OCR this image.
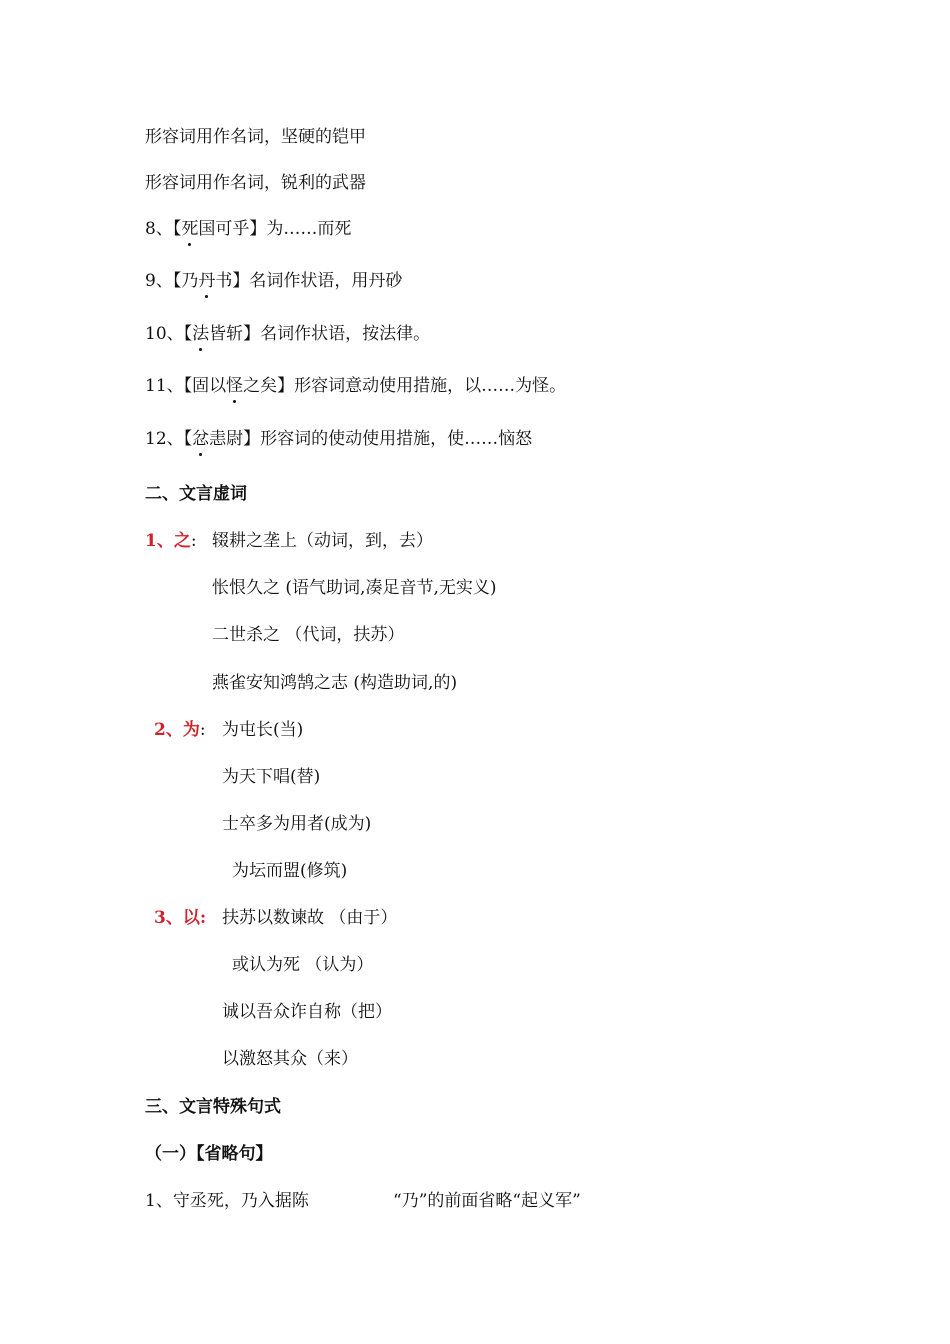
形容词用作名词，坚硬的铠甲
形容词用作名词，锐利的武器
8、【死国可乎】为……而死
9、【乃丹书】名词作状语，用丹砂
10、【法皆斩】名词作状语，按法律。
11、【固以怪之矣】形容词意动使用措施，以……为怪。
12、【忿恚尉】形容词的使动使用措施，使……恼怒
二、文言虚词
1、之: 辍耕之垄上（动词，到，去）
怅恨久之 (语气助词,凑足音节,无实义)
二世杀之 （代词，扶苏）
燕雀安知鸿鹄之志 (构造助词,的)
2、为: 为屯长(当)
为天下唱(替)
士卒多为用者(成为)
为坛而盟(修筑)
3、以: 扶苏以数谏故 （由于）
或认为死 （认为）
诚以吾众诈自称（把）
以激怒其众（来）
三、文言特殊句式
（一）【省略句】
1、守丞死，乃入据陈	“乃”的前面省略“起义军”
